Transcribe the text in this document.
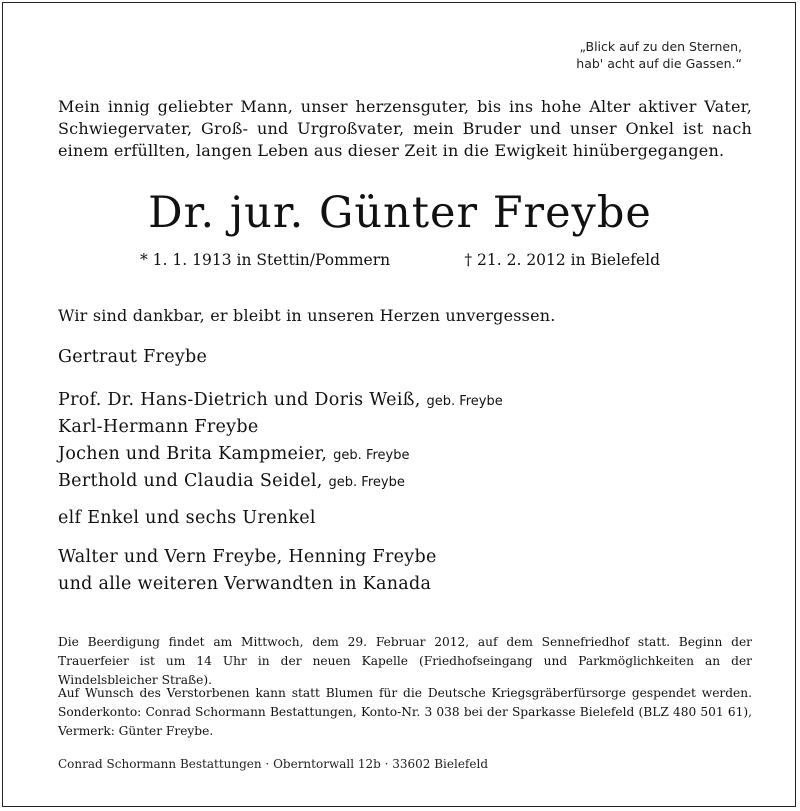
„Blick auf zu den Sternen,
hab' acht auf die Gassen.“
Mein innig geliebter Mann, unser herzensguter, bis ins hohe Alter aktiver Vater, Schwiegervater, Groß- und Urgroßvater, mein Bruder und unser Onkel ist nach einem erfüllten, langen Leben aus dieser Zeit in die Ewigkeit hinübergegangen.
Dr. jur. Günter Freybe
* 1. 1. 1913 in Stettin/Pommern	† 21. 2. 2012 in Bielefeld
Wir sind dankbar, er bleibt in unseren Herzen unvergessen.
Gertraut Freybe
Prof. Dr. Hans-Dietrich und Doris Weiß, geb. Freybe
Karl-Hermann Freybe
Jochen und Brita Kampmeier, geb. Freybe
Berthold und Claudia Seidel, geb. Freybe
elf Enkel und sechs Urenkel
Walter und Vern Freybe, Henning Freybe
und alle weiteren Verwandten in Kanada
Die Beerdigung findet am Mittwoch, dem 29. Februar 2012, auf dem Sennefriedhof statt. Beginn der Trauerfeier ist um 14 Uhr in der neuen Kapelle (Friedhofseingang und Parkmöglichkeiten an der Windelsbleicher Straße).
Auf Wunsch des Verstorbenen kann statt Blumen für die Deutsche Kriegsgräberfürsorge gespendet werden. Sonderkonto: Conrad Schormann Bestattungen, Konto-Nr. 3 038 bei der Sparkasse Bielefeld (BLZ 480 501 61), Vermerk: Günter Freybe.
Conrad Schormann Bestattungen · Oberntorwall 12b · 33602 Bielefeld
